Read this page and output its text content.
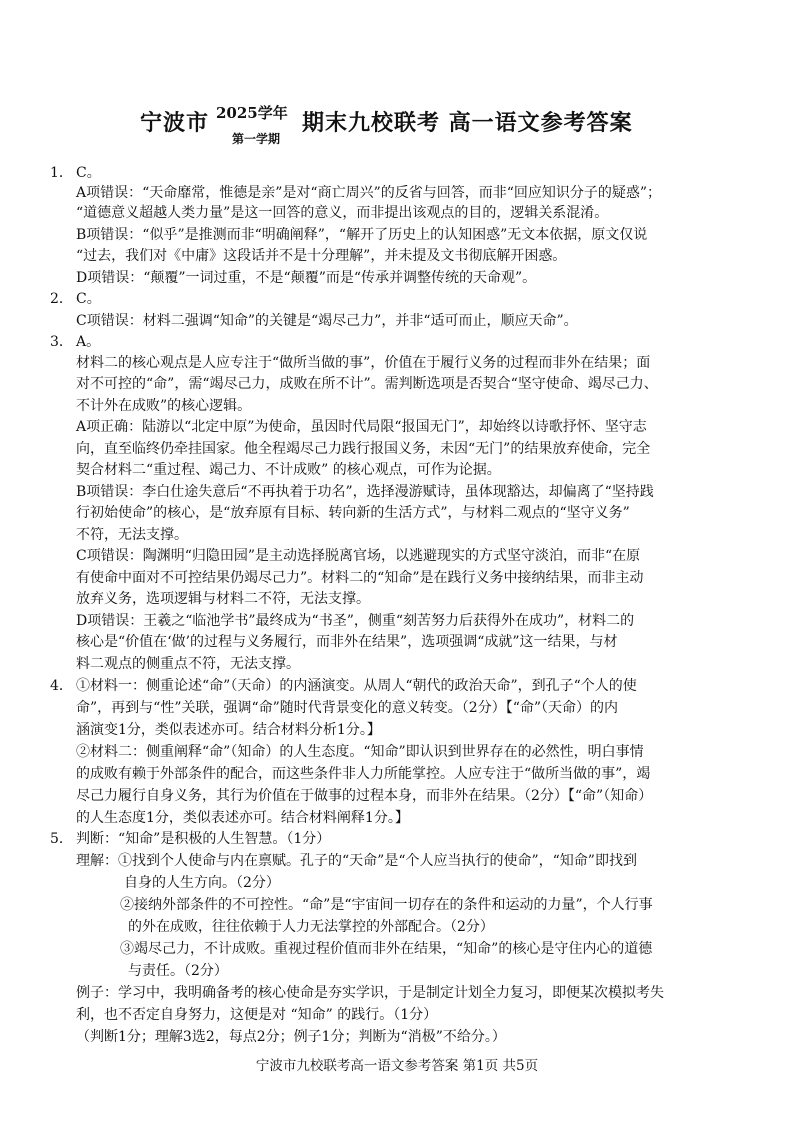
宁波市 2025学年
第一学期
期末九校联考 高一语文参考答案
1． C。
A项错误：“天命靡常，惟德是亲”是对“商亡周兴”的反省与回答，而非“回应知识分子的疑惑”；
“道德意义超越人类力量”是这一回答的意义，而非提出该观点的目的，逻辑关系混淆。
B项错误：“似乎”是推测而非“明确阐释”，“解开了历史上的认知困惑”无文本依据，原文仅说
“过去，我们对《中庸》这段话并不是十分理解”，并未提及文书彻底解开困惑。
D项错误：“颠覆”一词过重，不是“颠覆”而是“传承并调整传统的天命观”。
2． C。
C项错误：材料二强调“知命”的关键是“竭尽己力”，并非“适可而止，顺应天命”。
3． A。
材料二的核心观点是人应专注于“做所当做的事”，价值在于履行义务的过程而非外在结果；面
对不可控的“命”，需“竭尽己力，成败在所不计”。需判断选项是否契合“坚守使命、竭尽己力、
不计外在成败”的核心逻辑。
A项正确：陆游以“北定中原”为使命，虽因时代局限“报国无门”，却始终以诗歌抒怀、坚守志
向，直至临终仍牵挂国家。他全程竭尽己力践行报国义务，未因“无门”的结果放弃使命，完全
契合材料二“重过程、竭己力、不计成败” 的核心观点，可作为论据。
B项错误：李白仕途失意后“不再执着于功名”，选择漫游赋诗，虽体现豁达，却偏离了“坚持践
行初始使命”的核心，是“放弃原有目标、转向新的生活方式”，与材料二观点的“坚守义务”
不符，无法支撑。
C项错误：陶渊明“归隐田园”是主动选择脱离官场，以逃避现实的方式坚守淡泊，而非“在原
有使命中面对不可控结果仍竭尽己力”。材料二的“知命”是在践行义务中接纳结果，而非主动
放弃义务，选项逻辑与材料二不符，无法支撑。
D项错误：王羲之“临池学书”最终成为“书圣”，侧重“刻苦努力后获得外在成功”，材料二的
核心是“价值在‘做’的过程与义务履行，而非外在结果”，选项强调“成就”这一结果，与材
料二观点的侧重点不符，无法支撑。
4． ①材料一：侧重论述“命”（天命）的内涵演变。从周人“朝代的政治天命”，到孔子“个人的使
命”，再到与“性”关联，强调“命”随时代背景变化的意义转变。（2分）【“命”（天命）的内
涵演变1分，类似表述亦可。结合材料分析1分。】
②材料二：侧重阐释“命”（知命）的人生态度。“知命”即认识到世界存在的必然性，明白事情
的成败有赖于外部条件的配合，而这些条件非人力所能掌控。人应专注于“做所当做的事”，竭
尽己力履行自身义务，其行为价值在于做事的过程本身，而非外在结果。（2分）【“命”（知命）
的人生态度1分，类似表述亦可。结合材料阐释1分。】
5． 判断：“知命”是积极的人生智慧。（1分）
理解：①找到个人使命与内在禀赋。孔子的“天命”是“个人应当执行的使命”，“知命”即找到
自身的人生方向。（2分）
②接纳外部条件的不可控性。“命”是“宇宙间一切存在的条件和运动的力量”，个人行事
的外在成败，往往依赖于人力无法掌控的外部配合。（2分）
③竭尽己力，不计成败。重视过程价值而非外在结果，“知命”的核心是守住内心的道德
与责任。（2分）
例子：学习中，我明确备考的核心使命是夯实学识，于是制定计划全力复习，即便某次模拟考失
利，也不否定自身努力，这便是对 “知命” 的践行。（1分）
（判断1分；理解3选2，每点2分；例子1分；判断为“消极”不给分。）
宁波市九校联考高一语文参考答案 第1页 共5页
